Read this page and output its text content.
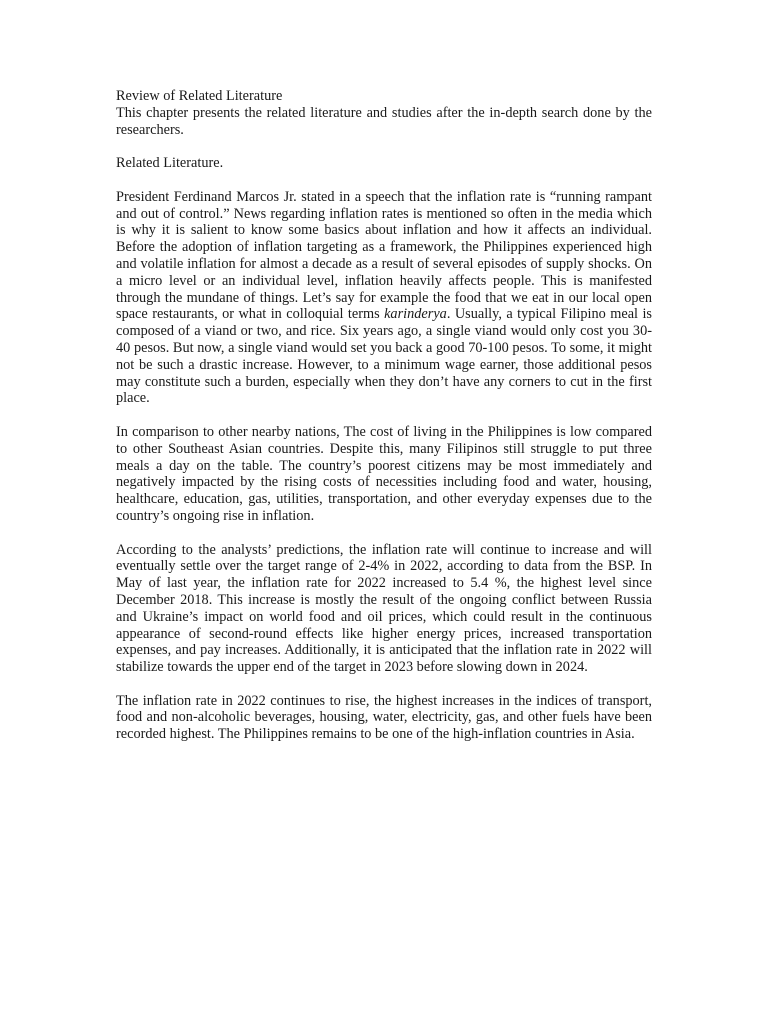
Review of Related Literature

This chapter presents the related literature and studies after the in-depth search done by the researchers.

Related Literature.

President Ferdinand Marcos Jr. stated in a speech that the inflation rate is “running rampant and out of control.” News regarding inflation rates is mentioned so often in the media which is why it is salient to know some basics about inflation and how it affects an individual. Before the adoption of inflation targeting as a framework, the Philippines experienced high and volatile inflation for almost a decade as a result of several episodes of supply shocks. On a micro level or an individual level, inflation heavily affects people. This is manifested through the mundane of things. Let’s say for example the food that we eat in our local open space restaurants, or what in colloquial terms karinderya. Usually, a typical Filipino meal is composed of a viand or two, and rice. Six years ago, a single viand would only cost you 30-40 pesos. But now, a single viand would set you back a good 70-100 pesos. To some, it might not be such a drastic increase. However, to a minimum wage earner, those additional pesos may constitute such a burden, especially when they don’t have any corners to cut in the first place.

In comparison to other nearby nations, The cost of living in the Philippines is low compared to other Southeast Asian countries. Despite this, many Filipinos still struggle to put three meals a day on the table. The country’s poorest citizens may be most immediately and negatively impacted by the rising costs of necessities including food and water, housing, healthcare, education, gas, utilities, transportation, and other everyday expenses due to the country’s ongoing rise in inflation.

According to the analysts’ predictions, the inflation rate will continue to increase and will eventually settle over the target range of 2-4% in 2022, according to data from the BSP. In May of last year, the inflation rate for 2022 increased to 5.4 %, the highest level since December 2018. This increase is mostly the result of the ongoing conflict between Russia and Ukraine’s impact on world food and oil prices, which could result in the continuous appearance of second-round effects like higher energy prices, increased transportation expenses, and pay increases. Additionally, it is anticipated that the inflation rate in 2022 will stabilize towards the upper end of the target in 2023 before slowing down in 2024.

The inflation rate in 2022 continues to rise, the highest increases in the indices of transport, food and non-alcoholic beverages, housing, water, electricity, gas, and other fuels have been recorded highest. The Philippines remains to be one of the high-inflation countries in Asia.
